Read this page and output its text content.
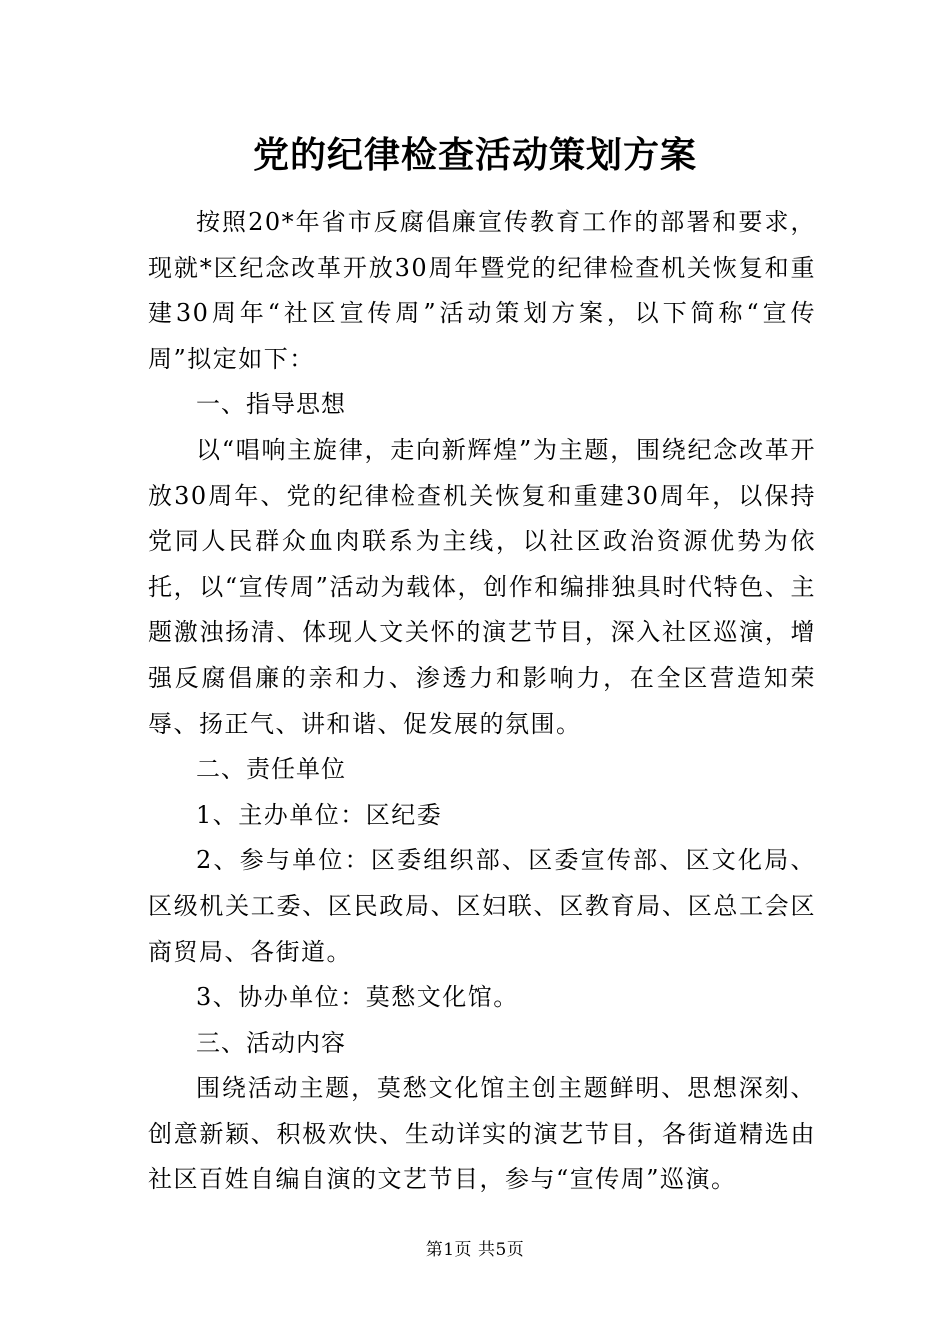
党的纪律检查活动策划方案

按照20*年省市反腐倡廉宣传教育工作的部署和要求，现就*区纪念改革开放30周年暨党的纪律检查机关恢复和重建30周年“社区宣传周”活动策划方案，以下简称“宣传周”拟定如下：

一、指导思想

以“唱响主旋律，走向新辉煌”为主题，围绕纪念改革开放30周年、党的纪律检查机关恢复和重建30周年，以保持党同人民群众血肉联系为主线，以社区政治资源优势为依托，以“宣传周”活动为载体，创作和编排独具时代特色、主题激浊扬清、体现人文关怀的演艺节目，深入社区巡演，增强反腐倡廉的亲和力、渗透力和影响力，在全区营造知荣辱、扬正气、讲和谐、促发展的氛围。

二、责任单位

1、主办单位：区纪委

2、参与单位：区委组织部、区委宣传部、区文化局、区级机关工委、区民政局、区妇联、区教育局、区总工会区商贸局、各街道。

3、协办单位：莫愁文化馆。

三、活动内容

围绕活动主题，莫愁文化馆主创主题鲜明、思想深刻、创意新颖、积极欢快、生动详实的演艺节目，各街道精选由社区百姓自编自演的文艺节目，参与“宣传周”巡演。

第1页 共5页
